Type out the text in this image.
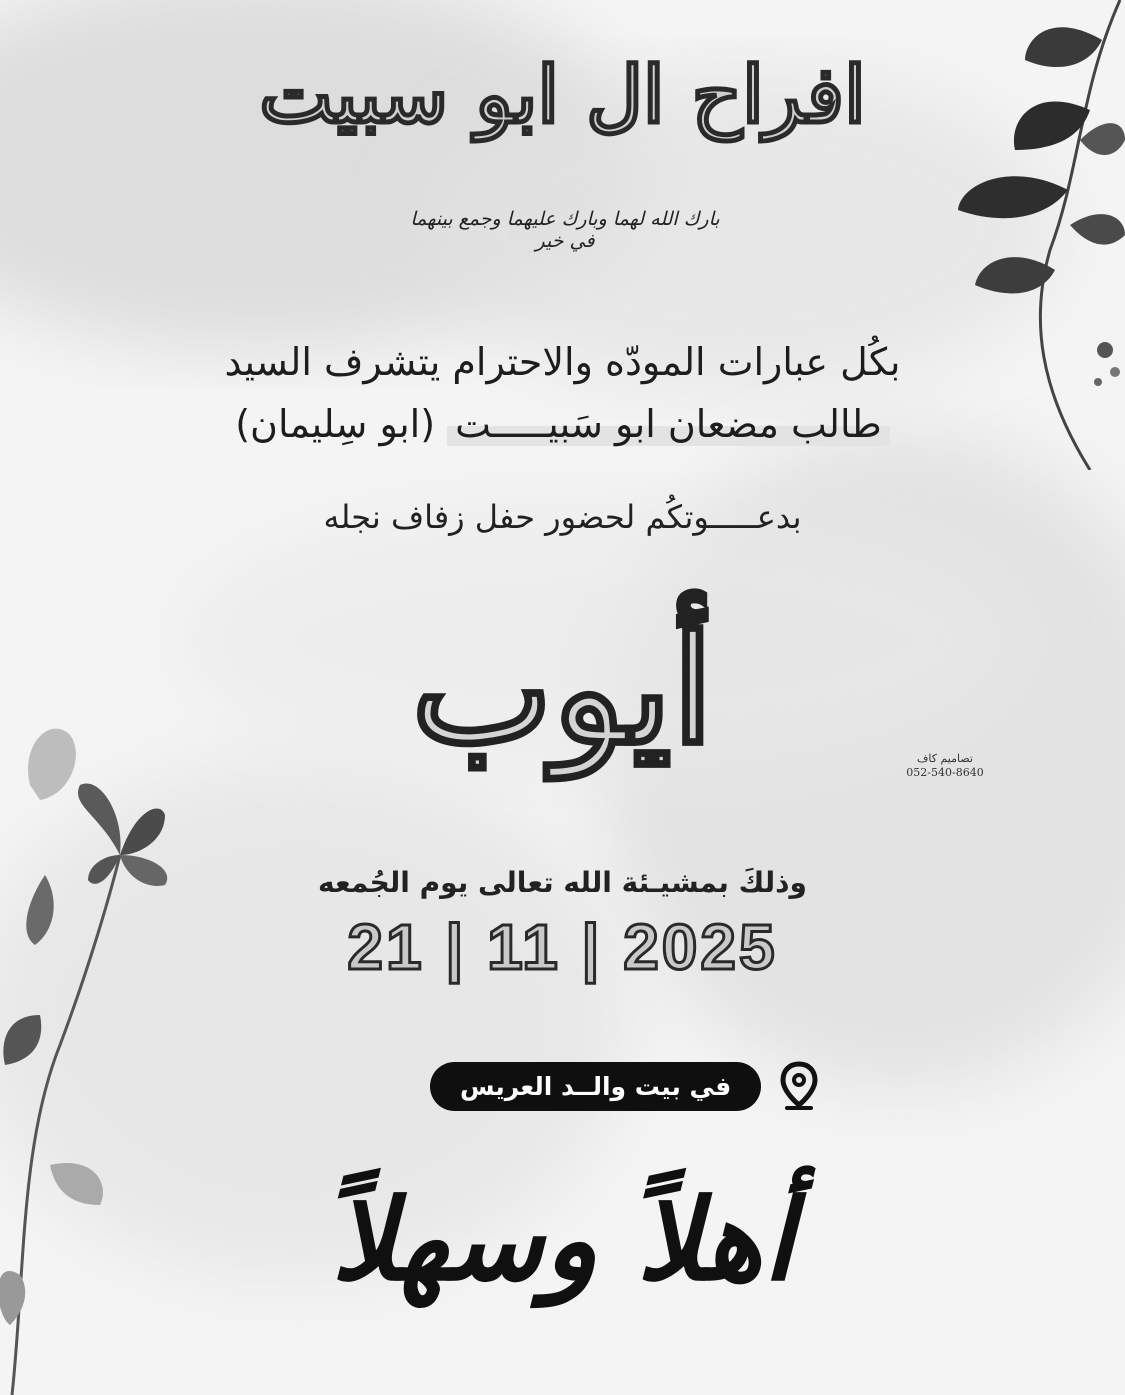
افراح ال ابو سبيت
بارك الله لهما وبارك عليهما وجمع بينهما في خير
بكُل عبارات المودّه والاحترام يتشرف السيد
طالب مضعان ابو سَبيـــــت (ابو سِليمان)
بدعـــــوتكُم لحضور حفل زفاف نجله
أيوب	تصاميم كاف
052-540-8640
وذلكَ بمشيـئة الله تعالى يوم الجُمعه
21 | 11 | 2025
في بيت والــد العريس
أهلاً وسهلاً
